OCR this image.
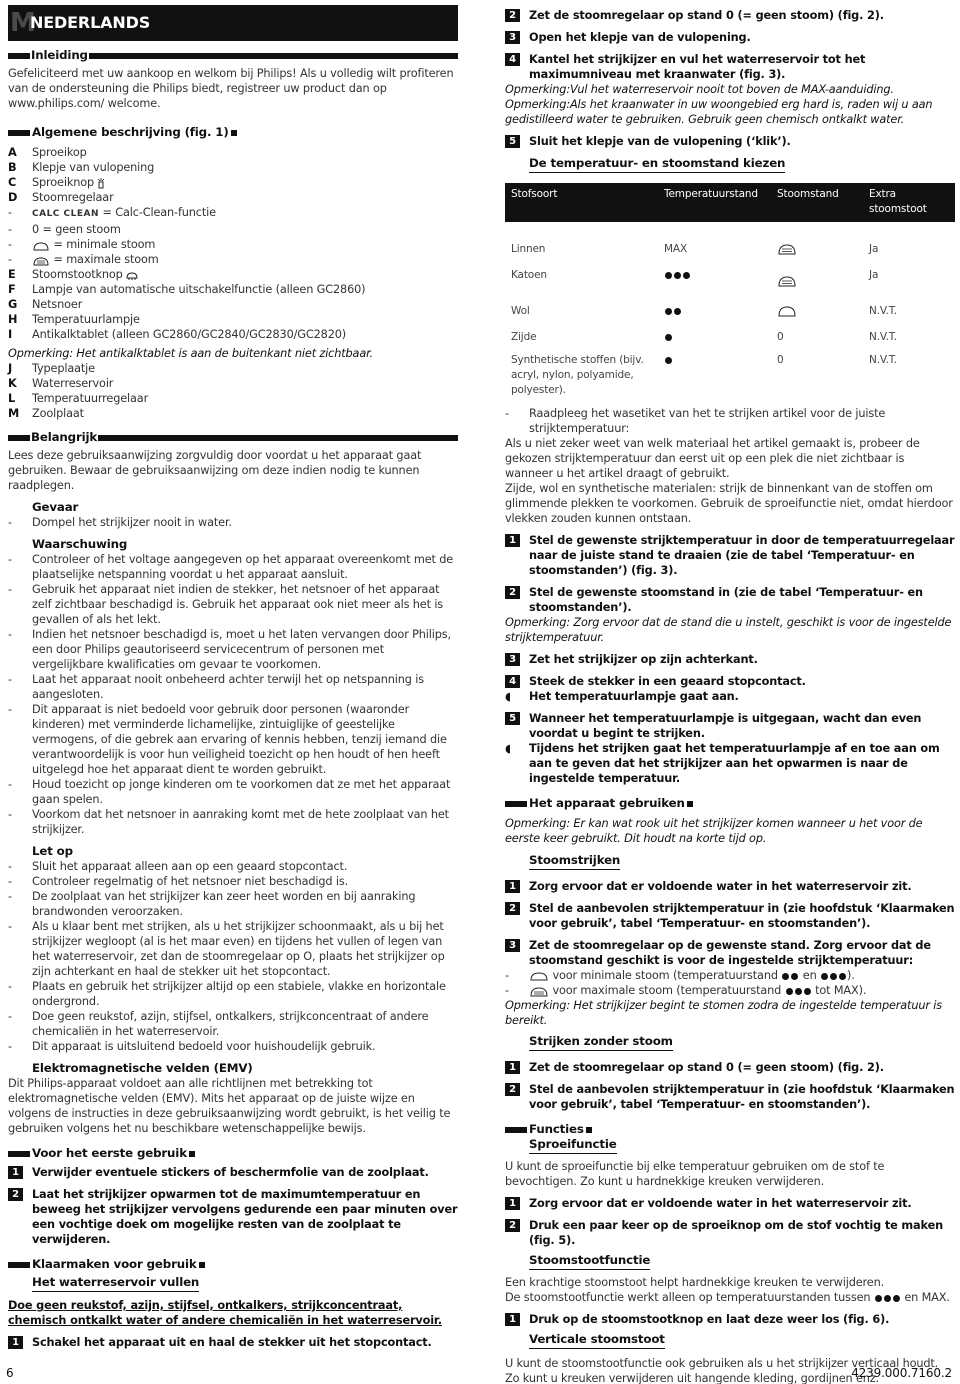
M
NEDERLANDS
Inleiding

Gefeliciteerd met uw aankoop en welkom bij Philips! Als u volledig wilt profiteren van de ondersteuning die Philips biedt, registreer uw product dan op www.philips.com/ welcome.

Algemene beschrijving (fig. 1)
A	Sproeikop
B	Klepje van vulopening
C	Sproeiknop
D	Stoomregelaar
-	CALC CLEAN = Calc-Clean-functie
-	0 = geen stoom
-	= minimale stoom
-	= maximale stoom
E	Stoomstootknop
F	Lampje van automatische uitschakelfunctie (alleen GC2860)
G	Netsnoer
H	Temperatuurlampje
I	Antikalktablet (alleen GC2860/GC2840/GC2830/GC2820)

Opmerking: Het antikalktablet is aan de buitenkant niet zichtbaar.

J	Typeplaatje
K	Waterreservoir
L	Temperatuurregelaar
M	Zoolplaat
Belangrijk

Lees deze gebruiksaanwijzing zorgvuldig door voordat u het apparaat gaat gebruiken. Bewaar de gebruiksaanwijzing om deze indien nodig te kunnen raadplegen.

Gevaar
-	Dompel het strijkijzer nooit in water.
Waarschuwing
-	Controleer of het voltage aangegeven op het apparaat overeenkomt met de plaatselijke netspanning voordat u het apparaat aansluit.
-	Gebruik het apparaat niet indien de stekker, het netsnoer of het apparaat zelf zichtbaar beschadigd is. Gebruik het apparaat ook niet meer als het is gevallen of als het lekt.
-	Indien het netsnoer beschadigd is, moet u het laten vervangen door Philips, een door Philips geautoriseerd servicecentrum of personen met vergelijkbare kwalificaties om gevaar te voorkomen.
-	Laat het apparaat nooit onbeheerd achter terwijl het op netspanning is aangesloten.
-	Dit apparaat is niet bedoeld voor gebruik door personen (waaronder kinderen) met verminderde lichamelijke, zintuiglijke of geestelijke vermogens, of die gebrek aan ervaring of kennis hebben, tenzij iemand die verantwoordelijk is voor hun veiligheid toezicht op hen houdt of hen heeft uitgelegd hoe het apparaat dient te worden gebruikt.
-	Houd toezicht op jonge kinderen om te voorkomen dat ze met het apparaat gaan spelen.
-	Voorkom dat het netsnoer in aanraking komt met de hete zoolplaat van het strijkijzer.
Let op
-	Sluit het apparaat alleen aan op een geaard stopcontact.
-	Controleer regelmatig of het netsnoer niet beschadigd is.
-	De zoolplaat van het strijkijzer kan zeer heet worden en bij aanraking brandwonden veroorzaken.
-	Als u klaar bent met strijken, als u het strijkijzer schoonmaakt, als u bij het strijkijzer wegloopt (al is het maar even) en tijdens het vullen of legen van het waterreservoir, zet dan de stoomregelaar op O, plaats het strijkijzer op zijn achterkant en haal de stekker uit het stopcontact.
-	Plaats en gebruik het strijkijzer altijd op een stabiele, vlakke en horizontale ondergrond.
-	Doe geen reukstof, azijn, stijfsel, ontkalkers, strijkconcentraat of andere chemicaliën in het waterreservoir.
-	Dit apparaat is uitsluitend bedoeld voor huishoudelijk gebruik.
Elektromagnetische velden (EMV)

Dit Philips-apparaat voldoet aan alle richtlijnen met betrekking tot elektromagnetische velden (EMV). Mits het apparaat op de juiste wijze en volgens de instructies in deze gebruiksaanwijzing wordt gebruikt, is het veilig te gebruiken volgens het nu beschikbare wetenschappelijke bewijs.

Voor het eerste gebruik
1	Verwijder eventuele stickers of beschermfolie van de zoolplaat.
2	Laat het strijkijzer opwarmen tot de maximumtemperatuur en beweeg het strijkijzer vervolgens gedurende een paar minuten over een vochtige doek om mogelijke resten van de zoolplaat te verwijderen.
Klaarmaken voor gebruik
Het waterreservoir vullen

Doe geen reukstof, azijn, stijfsel, ontkalkers, strijkconcentraat, chemisch ontkalkt water of andere chemicaliën in het waterreservoir.

1	Schakel het apparaat uit en haal de stekker uit het stopcontact.
2	Zet de stoomregelaar op stand 0 (= geen stoom) (fig. 2).
3	Open het klepje van de vulopening.
4	Kantel het strijkijzer en vul het waterreservoir tot het maximumniveau met kraanwater (fig. 3).

Opmerking:Vul het waterreservoir nooit tot boven de MAX-aanduiding.

Opmerking:Als het kraanwater in uw woongebied erg hard is, raden wij u aan gedistilleerd water te gebruiken. Gebruik geen chemisch ontkalkt water.

5	Sluit het klepje van de vulopening (‘klik’).
De temperatuur- en stoomstand kiezen
Stofsoort	Temperatuurstand	Stoomstand	Extra stoomstoot
Linnen	MAX		Ja
Katoen			Ja
Wol			N.V.T.
Zijde		0	N.V.T.
Synthetische stoffen (bijv. acryl, nylon, polyamide, polyester).		0	N.V.T.
-	Raadpleeg het wasetiket van het te strijken artikel voor de juiste strijktemperatuur:

Als u niet zeker weet van welk materiaal het artikel gemaakt is, probeer de gekozen strijktemperatuur dan eerst uit op een plek die niet zichtbaar is wanneer u het artikel draagt of gebruikt.

Zijde, wol en synthetische materialen: strijk de binnenkant van de stoffen om glimmende plekken te voorkomen. Gebruik de sproeifunctie niet, omdat hierdoor vlekken zouden kunnen ontstaan.

1	Stel de gewenste strijktemperatuur in door de temperatuurregelaar naar de juiste stand te draaien (zie de tabel ‘Temperatuur- en stoomstanden’) (fig. 3).
2	Stel de gewenste stoomstand in (zie de tabel ‘Temperatuur- en stoomstanden’).

Opmerking: Zorg ervoor dat de stand die u instelt, geschikt is voor de ingestelde strijktemperatuur.

3	Zet het strijkijzer op zijn achterkant.
4	Steek de stekker in een geaard stopcontact.
◖	Het temperatuurlampje gaat aan.
5	Wanneer het temperatuurlampje is uitgegaan, wacht dan even voordat u begint te strijken.
◖	Tijdens het strijken gaat het temperatuurlampje af en toe aan om aan te geven dat het strijkijzer aan het opwarmen is naar de ingestelde temperatuur.
Het apparaat gebruiken

Opmerking: Er kan wat rook uit het strijkijzer komen wanneer u het voor de eerste keer gebruikt. Dit houdt na korte tijd op.

Stoomstrijken
1	Zorg ervoor dat er voldoende water in het waterreservoir zit.
2	Stel de aanbevolen strijktemperatuur in (zie hoofdstuk ‘Klaarmaken voor gebruik’, tabel ‘Temperatuur- en stoomstanden’).
3	Zet de stoomregelaar op de gewenste stand. Zorg ervoor dat de stoomstand geschikt is voor de ingestelde strijktemperatuur:
-	voor minimale stoom (temperatuurstand en	).
-	voor maximale stoom (temperatuurstand	tot MAX).

Opmerking: Het strijkijzer begint te stomen zodra de ingestelde temperatuur is bereikt.

Strijken zonder stoom
1	Zet de stoomregelaar op stand 0 (= geen stoom) (fig. 2).
2	Stel de aanbevolen strijktemperatuur in (zie hoofdstuk ‘Klaarmaken voor gebruik’, tabel ‘Temperatuur- en stoomstanden’).
Functies
Sproeifunctie

U kunt de sproeifunctie bij elke temperatuur gebruiken om de stof te bevochtigen. Zo kunt u hardnekkige kreuken verwijderen.

1	Zorg ervoor dat er voldoende water in het waterreservoir zit.
2	Druk een paar keer op de sproeiknop om de stof vochtig te maken (fig. 5).
Stoomstootfunctie

Een krachtige stoomstoot helpt hardnekkige kreuken te verwijderen.

De stoomstootfunctie werkt alleen op temperatuurstanden tussen	en MAX.

1	Druk op de stoomstootknop en laat deze weer los (fig. 6).
Verticale stoomstoot

U kunt de stoomstootfunctie ook gebruiken als u het strijkijzer verticaal houdt. Zo kunt u kreuken verwijderen uit hangende kleding, gordijnen enz.

6	4239.000.7160.2
